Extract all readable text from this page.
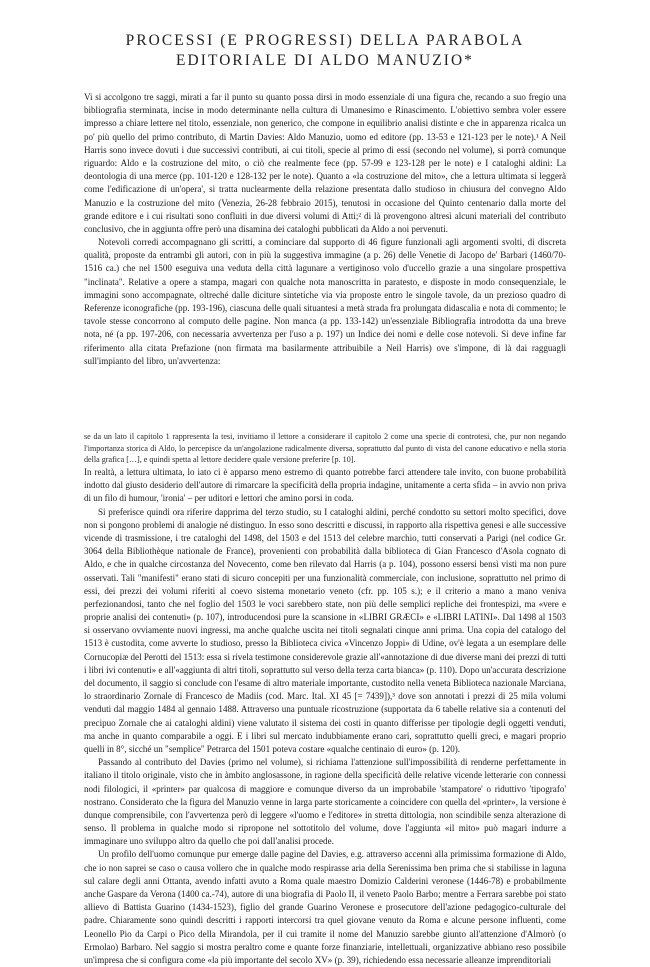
PROCESSI (E PROGRESSI) DELLA PARABOLA
EDITORIALE DI ALDO MANUZIO*

Vi si accolgono tre saggi, mirati a far il punto su quanto possa dirsi in modo essenziale di una figura che, recando a suo fregio una bibliografia sterminata, incise in modo determinante nella cultura di Umanesimo e Rinascimento. L'obiettivo sembra voler essere impresso a chiare lettere nel titolo, essenziale, non generico, che compone in equilibrio analisi distinte e che in apparenza ricalca un po' più quello del primo contributo, di Martin Davies: Aldo Manuzio, uomo ed editore (pp. 13-53 e 121-123 per le note).¹ A Neil Harris sono invece dovuti i due successivi contributi, ai cui titoli, specie al primo di essi (secondo nel volume), si porrà comunque riguardo: Aldo e la costruzione del mito, o ciò che realmente fece (pp. 57-99 e 123-128 per le note) e I cataloghi aldini: La deontologia di una merce (pp. 101-120 e 128-132 per le note). Quanto a «la costruzione del mito», che a lettura ultimata si leggerà come l'edificazione di un'opera', si tratta nuclearmente della relazione presentata dallo studioso in chiusura del convegno Aldo Manuzio e la costruzione del mito (Venezia, 26-28 febbraio 2015), tenutosi in occasione del Quinto centenario dalla morte del grande editore e i cui risultati sono confluiti in due diversi volumi di Atti;² di là provengono altresì alcuni materiali del contributo conclusivo, che in aggiunta offre però una disamina dei cataloghi pubblicati da Aldo a noi pervenuti.

Notevoli corredi accompagnano gli scritti, a cominciare dal supporto di 46 figure funzionali agli argomenti svolti, di discreta qualità, proposte da entrambi gli autori, con in più la suggestiva immagine (a p. 26) delle Venetie di Jacopo de' Barbari (1460/70-1516 ca.) che nel 1500 eseguiva una veduta della città lagunare a vertiginoso volo d'uccello grazie a una singolare prospettiva "inclinata". Relative a opere a stampa, magari con qualche nota manoscritta in paratesto, e disposte in modo consequenziale, le immagini sono accompagnate, oltreché dalle diciture sintetiche via via proposte entro le singole tavole, da un prezioso quadro di Referenze iconografiche (pp. 193-196), ciascuna delle quali situantesi a metà strada fra prolungata didascalia e nota di commento; le tavole stesse concorrono al computo delle pagine. Non manca (a pp. 133-142) un'essenziale Bibliografia introdotta da una breve nota, né (a pp. 197-206, con necessaria avvertenza per l'uso a p. 197) un Indice dei nomi e delle cose notevoli. Si deve infine far riferimento alla citata Prefazione (non firmata ma basilarmente attribuibile a Neil Harris) ove s'impone, di là dai ragguagli sull'impianto del libro, un'avvertenza:

se da un lato il capitolo 1 rappresenta la tesi, invitiamo il lettore a considerare il capitolo 2 come una specie di controtesi, che, pur non negando l'importanza storica di Aldo, lo percepisce da un'angolazione radicalmente diversa, soprattutto dal punto di vista del canone educativo e nella storia della grafica […], e quindi spetta al lettore decidere quale versione preferire [p. 10].

In realtà, a lettura ultimata, lo iato ci è apparso meno estremo di quanto potrebbe farci attendere tale invito, con buone probabilità indotto dal giusto desiderio dell'autore di rimarcare la specificità della propria indagine, unitamente a certa sfida – in avvio non priva di un filo di humour, 'ironia' – per uditori e lettori che amino porsi in coda.

Si preferisce quindi ora riferire dapprima del terzo studio, su I cataloghi aldini, perché condotto su settori molto specifici, dove non si pongono problemi di analogie né distinguo. In esso sono descritti e discussi, in rapporto alla rispettiva genesi e alle successive vicende di trasmissione, i tre cataloghi del 1498, del 1503 e del 1513 del celebre marchio, tutti conservati a Parigi (nel codice Gr. 3064 della Bibliothèque nationale de France), provenienti con probabilità dalla biblioteca di Gian Francesco d'Asola cognato di Aldo, e che in qualche circostanza del Novecento, come ben rilevato dal Harris (a p. 104), possono essersi bensì visti ma non pure osservati. Tali "manifesti" erano stati di sicuro concepiti per una funzionalità commerciale, con inclusione, soprattutto nel primo di essi, dei prezzi dei volumi riferiti al coevo sistema monetario veneto (cfr. pp. 105 s.); e il criterio a mano a mano veniva perfezionandosi, tanto che nel foglio del 1503 le voci sarebbero state, non più delle semplici repliche dei frontespizi, ma «vere e proprie analisi dei contenuti» (p. 107), introducendosi pure la scansione in «LIBRI GRÆCI» e «LIBRI LATINI». Dal 1498 al 1503 si osservano ovviamente nuovi ingressi, ma anche qualche uscita nei titoli segnalati cinque anni prima. Una copia del catalogo del 1513 è custodita, come avverte lo studioso, presso la Biblioteca civica «Vincenzo Joppi» di Udine, ov'è legata a un esemplare delle Cornucopiæ del Perotti del 1513: essa si rivela testimone considerevole grazie all'«annotazione di due diverse mani dei prezzi di tutti i libri ivi contenuti» e all'«aggiunta di altri titoli, soprattutto sul verso della terza carta bianca» (p. 110). Dopo un'accurata descrizione del documento, il saggio si conclude con l'esame di altro materiale importante, custodito nella veneta Biblioteca nazionale Marciana, lo straordinario Zornale di Francesco de Madiis (cod. Marc. Ital. XI 45 [= 7439]),³ dove son annotati i prezzi di 25 mila volumi venduti dal maggio 1484 al gennaio 1488. Attraverso una puntuale ricostruzione (supportata da 6 tabelle relative sia a contenuti del precipuo Zornale che ai cataloghi aldini) viene valutato il sistema dei costi in quanto differisse per tipologie degli oggetti venduti, ma anche in quanto comparabile a oggi. E i libri sul mercato indubbiamente erano cari, soprattutto quelli greci, e magari proprio quelli in 8°, sicché un "semplice" Petrarca del 1501 poteva costare «qualche centinaio di euro» (p. 120).

Passando al contributo del Davies (primo nel volume), si richiama l'attenzione sull'impossibilità di renderne perfettamente in italiano il titolo originale, visto che in àmbito anglosassone, in ragione della specificità delle relative vicende letterarie con connessi nodi filologici, il «printer» par qualcosa di maggiore e comunque diverso da un improbabile 'stampatore' o riduttivo 'tipografo' nostrano. Considerato che la figura del Manuzio venne in larga parte storicamente a coincidere con quella del «printer», la versione è dunque comprensibile, con l'avvertenza però di leggere «l'uomo e l'editore» in stretta dittologia, non scindibile senza alterazione di senso. Il problema in qualche modo si ripropone nel sottotitolo del volume, dove l'aggiunta «il mito» può magari indurre a immaginare uno sviluppo altro da quello che poi dall'analisi procede.

Un profilo dell'uomo comunque pur emerge dalle pagine del Davies, e.g. attraverso accenni alla primissima formazione di Aldo, che io non saprei se caso o causa vollero che in qualche modo respirasse aria della Serenissima ben prima che si stabilisse in laguna sul calare degli anni Ottanta, avendo infatti avuto a Roma quale maestro Domizio Calderini veronese (1446-78) e probabilmente anche Gaspare da Verona (1400 ca.-74), autore di una biografia di Paolo II, il veneto Paolo Barbo; mentre a Ferrara sarebbe poi stato allievo di Battista Guarino (1434-1523), figlio del grande Guarino Veronese e prosecutore dell'azione pedagogico-culturale del padre. Chiaramente sono quindi descritti i rapporti intercorsi tra quel giovane venuto da Roma e alcune persone influenti, come Leonello Pio da Carpi o Pico della Mirandola, per il cui tramite il nome del Manuzio sarebbe giunto all'attenzione d'Almorò (o Ermolao) Barbaro. Nel saggio si mostra peraltro come e quante forze finanziarie, intellettuali, organizzative abbiano reso possibile un'impresa che si configura come «la più importante del secolo XV» (p. 39), richiedendo essa necessarie alleanze imprenditoriali
